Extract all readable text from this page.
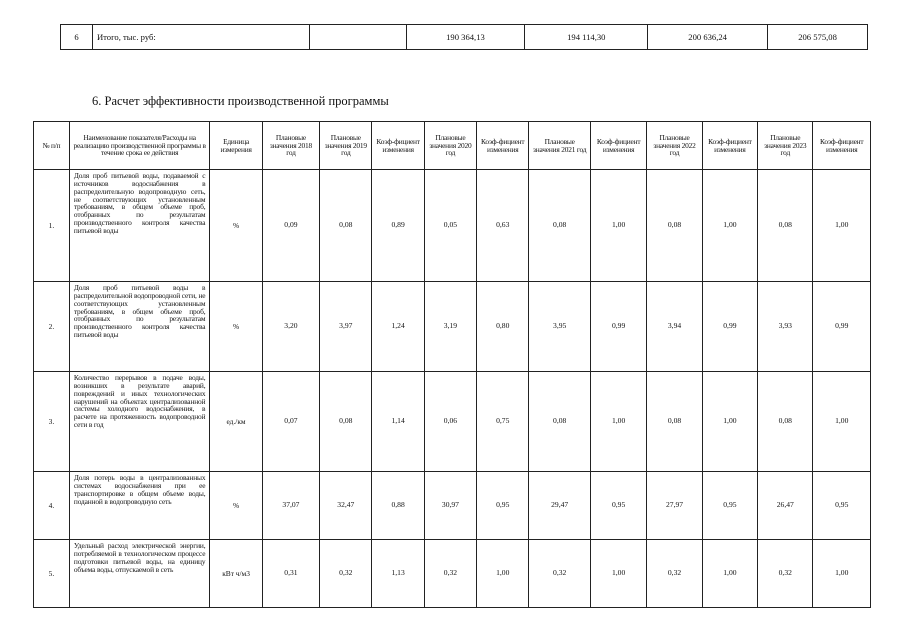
6	Итого, тыс. руб:		190 364,13	194 114,30	200 636,24	206 575,08
6. Расчет эффективности производственной программы
№ п/п	Наименование показателя/Расходы на реализацию производственной программы в течение срока ее действия	Единица измерения	Плановые значения 2018 год	Плановые значения 2019 год	Коэф-фициент изменения	Плановые значения 2020 год	Коэф-фициент изменения	Плановые значения 2021 год	Коэф-фициент изменения	Плановые значения 2022 год	Коэф-фициент изменения	Плановые значения 2023 год	Коэф-фициент изменения
1.	Доля проб питьевой воды, подаваемой с источников водоснабжения в распределительную водопроводную сеть, не соответствующих установленным требованиям, в общем объеме проб, отобранных по результатам производственного контроля качества питьевой воды	%	0,09	0,08	0,89	0,05	0,63	0,08	1,00	0,08	1,00	0,08	1,00
2.	Доля проб питьевой воды в распределительной водопроводной сети, не соответствующих установленным требованиям, в общем объеме проб, отобранных по результатам производственного контроля качества питьевой воды	%	3,20	3,97	1,24	3,19	0,80	3,95	0,99	3,94	0,99	3,93	0,99
3.	Количество перерывов в подаче воды, возникших в результате аварий, повреждений и иных технологических нарушений на объектах централизованной системы холодного водоснабжения, в расчете на протяженность водопроводной сети в год	ед./км	0,07	0,08	1,14	0,06	0,75	0,08	1,00	0,08	1,00	0,08	1,00
4.	Доля потерь воды в централизованных системах водоснабжения при ее транспортировке в общем объеме воды, поданной в водопроводную сеть	%	37,07	32,47	0,88	30,97	0,95	29,47	0,95	27,97	0,95	26,47	0,95
5.	Удельный расход электрической энергии, потребляемой в технологическом процессе подготовки питьевой воды, на единицу объема воды, отпускаемой в сеть	кВт ч/м3	0,31	0,32	1,13	0,32	1,00	0,32	1,00	0,32	1,00	0,32	1,00
